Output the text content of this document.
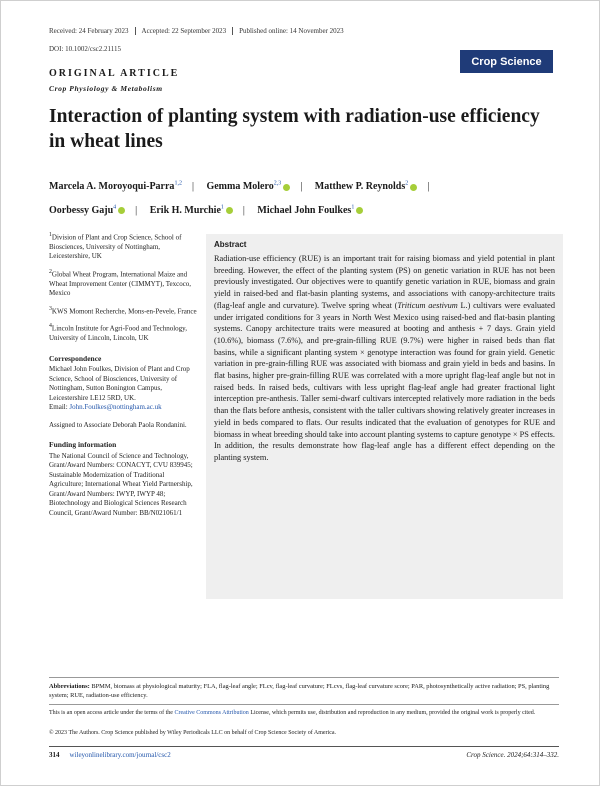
Received: 24 February 2023 Accepted: 22 September 2023 Published online: 14 November 2023
DOI: 10.1002/csc2.21115
Crop Science
ORIGINAL ARTICLE
Crop Physiology & Metabolism
Interaction of planting system with radiation-use efficiency in wheat lines
Marcela A. Moroyoqui-Parra$^{1,2}$ | Gemma Molero$^{2,3}$ | Matthew P. Reynolds$^2$ |
Oorbessy Gaju$^4$ | Erik H. Murchie$^1$ | Michael John Foulkes$^1$

$^1$Division of Plant and Crop Science, School of Biosciences, University of Nottingham, Leicestershire, UK

$^2$Global Wheat Program, International Maize and Wheat Improvement Center (CIMMYT), Texcoco, Mexico

$^3$KWS Momont Recherche, Mons-en-Pevele, France

$^4$Lincoln Institute for Agri-Food and Technology, University of Lincoln, Lincoln, UK

Correspondence

Michael John Foulkes, Division of Plant and Crop Science, School of Biosciences, University of Nottingham, Sutton Bonington Campus, Leicestershire LE12 5RD, UK.
Email: John.Foulkes@nottingham.ac.uk

Assigned to Associate Deborah Paola Rondanini.

Funding information

The National Council of Science and Technology, Grant/Award Numbers: CONACYT, CVU 839945; Sustainable Modernization of Traditional Agriculture; International Wheat Yield Partnership, Grant/Award Numbers: IWYP, IWYP 48; Biotechnology and Biological Sciences Research Council, Grant/Award Number: BB/N021061/1

Abstract
Radiation-use efficiency (RUE) is an important trait for raising biomass and yield potential in plant breeding. However, the effect of the planting system (PS) on genetic variation in RUE has not been previously investigated. Our objectives were to quantify genetic variation in RUE, biomass and grain yield in raised-bed and flat-basin planting systems, and associations with canopy-architecture traits (flag-leaf angle and curvature). Twelve spring wheat (Triticum aestivum L.) cultivars were evaluated under irrigated conditions for 3 years in North West Mexico using raised-bed and flat-basin planting systems. Canopy architecture traits were measured at booting and anthesis + 7 days. Grain yield (10.6%), biomass (7.6%), and pre-grain-filling RUE (9.7%) were higher in raised beds than flat basins, while a significant planting system × genotype interaction was found for grain yield. Genetic variation in pre-grain-filling RUE was associated with biomass and grain yield in beds and basins. In flat basins, higher pre-grain-filling RUE was correlated with a more upright flag-leaf angle but not in raised beds. In raised beds, cultivars with less upright flag-leaf angle had greater fractional light interception pre-anthesis. Taller semi-dwarf cultivars intercepted relatively more radiation in the beds than the flats before anthesis, consistent with the taller cultivars showing relatively greater increases in yield in beds compared to flats. Our results indicated that the evaluation of genotypes for RUE and biomass in wheat breeding should take into account planting systems to capture genotype × PS effects. In addition, the results demonstrate how flag-leaf angle has a different effect depending on the planting system.
Abbreviations: BPMM, biomass at physiological maturity; FLA, flag-leaf angle; FLcv, flag-leaf curvature; FLcvs, flag-leaf curvature score; PAR, photosynthetically active radiation; PS, planting system; RUE, radiation-use efficiency.
This is an open access article under the terms of the Creative Commons Attribution License, which permits use, distribution and reproduction in any medium, provided the original work is properly cited.
© 2023 The Authors. Crop Science published by Wiley Periodicals LLC on behalf of Crop Science Society of America.
314 wileyonlinelibrary.com/journal/csc2	Crop Science. 2024;64:314–332.
